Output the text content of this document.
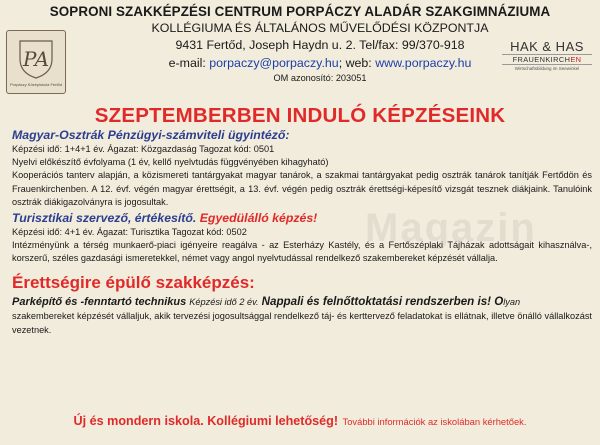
PA
Porpáczy Középiskola Fertőd
SOPRONI SZAKKÉPZÉSI CENTRUM PORPÁCZY ALADÁR SZAKGIMNÁZIUMA
KOLLÉGIUMA ÉS ÁLTALÁNOS MŰVELŐDÉSI KÖZPONTJA
9431 Fertőd, Joseph Haydn u. 2. Tel/fax: 99/370-918
e-mail: porpaczy@porpaczy.hu; web: www.porpaczy.hu
OM azonosító: 203051
HAK & HAS
FRAUENKIRCHEN
Wirtschaftsbildung im Seewinkel
SZEPTEMBERBEN INDULÓ KÉPZÉSEINK
Magazin
Magyar-Osztrák Pénzügyi-számviteli ügyintéző:
Képzési idő: 1+4+1 év. Ágazat: Közgazdaság Tagozat kód: 0501
Nyelvi előkészítő évfolyama (1 év, kellő nyelvtudás függvényében kihagyható)
Kooperációs tanterv alapján, a közismereti tantárgyakat magyar tanárok, a szakmai tantárgyakat pedig osztrák tanárok tanítják Fertődön és Frauenkirchenben. A 12. évf. végén magyar érettségit, a 13. évf. végén pedig osztrák érettségi-képesítő vizsgát tesznek diákjaink. Tanulóink osztrák diákigazolványra is jogosultak.
Turisztikai szervező, értékesítő. Egyedülálló képzés!
Képzési idő: 4+1 év. Ágazat: Turisztika Tagozat kód: 0502
Intézményünk a térség munkaerő-piaci igényeire reagálva - az Esterházy Kastély, és a Fertőszéplaki Tájházak adottságait kihasználva-, korszerű, széles gazdasági ismeretekkel, német vagy angol nyelvtudással rendelkező szakembereket képzését vállalja.
Érettségire épülő szakképzés:
Parképítő és -fenntartó technikus Képzési idő 2 év. Nappali és felnőttoktatási rendszerben is! Olyan
szakembereket képzését vállaljuk, akik tervezési jogosultsággal rendelkező táj- és kerttervező feladatokat is ellátnak, illetve önálló vállalkozást vezetnek.
Új és mondern iskola. Kollégiumi lehetőség! További információk az iskolában kérhetőek.
